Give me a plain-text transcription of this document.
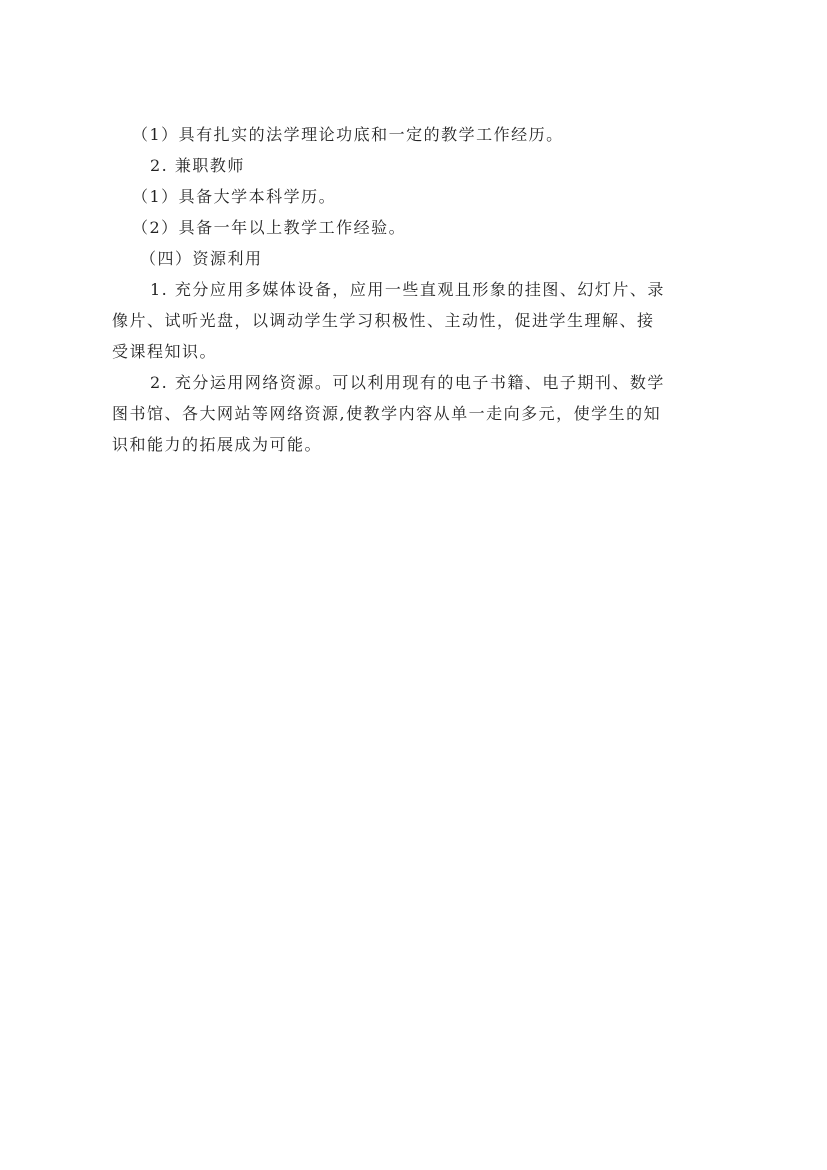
（1）具有扎实的法学理论功底和一定的教学工作经历。
2. 兼职教师
（1）具备大学本科学历。
（2）具备一年以上教学工作经验。
（四）资源利用
1. 充分应用多媒体设备，应用一些直观且形象的挂图、幻灯片、录
像片、试听光盘，以调动学生学习积极性、主动性，促进学生理解、接
受课程知识。
2. 充分运用网络资源。可以利用现有的电子书籍、电子期刊、数学
图书馆、各大网站等网络资源,使教学内容从单一走向多元，使学生的知
识和能力的拓展成为可能。
